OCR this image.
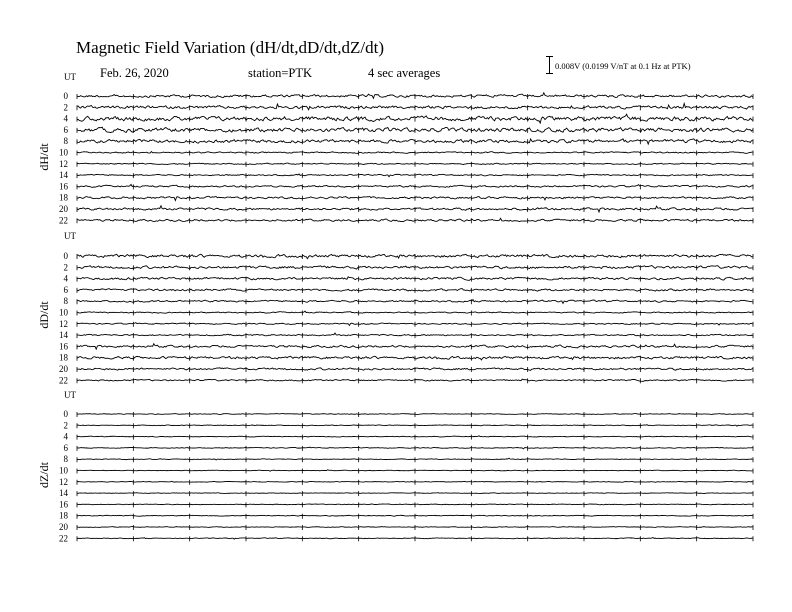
Magnetic Field Variation (dH/dt,dD/dt,dZ/dt)
Feb. 26, 2020	station=PTK	4 sec averages	0.008V (0.0199 V/nT at 0.1 Hz at PTK)
UT
dH/dt
0
2
4
6
8
10
12
14
16
18
20
22
UT
dD/dt
0
2
4
6
8
10
12
14
16
18
20
22
UT
dZ/dt
0
2
4
6
8
10
12
14
16
18
20
22
